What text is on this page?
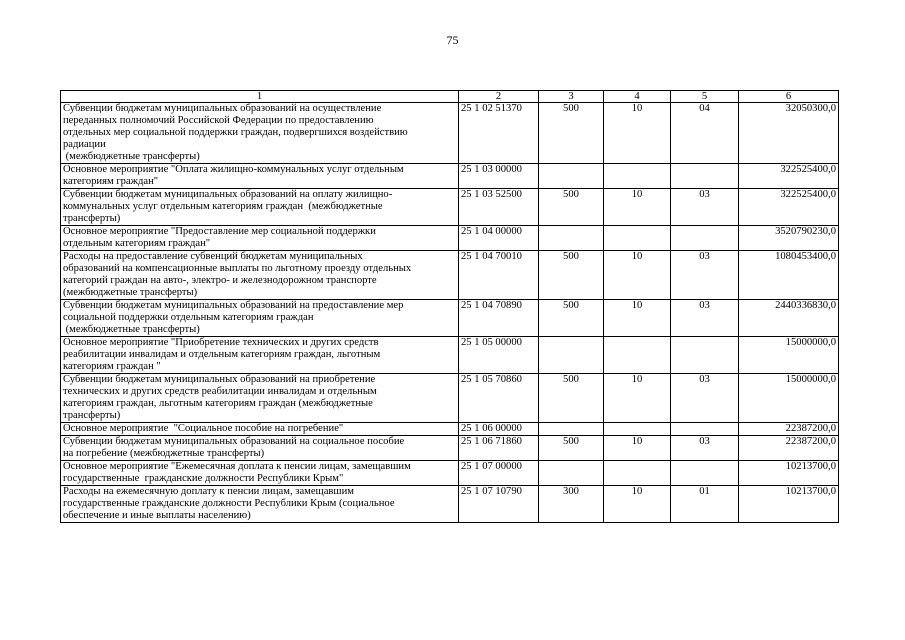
75
1	2	3	4	5	6

Субвенции бюджетам муниципальных образований на осуществление
переданных полномочий Российской Федерации по предоставлению
отдельных мер социальной поддержки граждан, подвергшихся воздействию
радиации
(межбюджетные трансферты)	25 1 02 51370	500	10	04	32050300,0

Основное мероприятие "Оплата жилищно-коммунальных услуг отдельным
категориям граждан"	25 1 03 00000				322525400,0

Субвенции бюджетам муниципальных образований на оплату жилищно-
коммунальных услуг отдельным категориям граждан  (межбюджетные
трансферты)	25 1 03 52500	500	10	03	322525400,0

Основное мероприятие "Предоставление мер социальной поддержки
отдельным категориям граждан"	25 1 04 00000				3520790230,0

Расходы на предоставление субвенций бюджетам муниципальных
образований на компенсационные выплаты по льготному проезду отдельных
категорий граждан на авто-, электро- и железнодорожном транспорте
(межбюджетные трансферты)	25 1 04 70010	500	10	03	1080453400,0

Субвенции бюджетам муниципальных образований на предоставление мер
социальной поддержки отдельным категориям граждан
(межбюджетные трансферты)	25 1 04 70890	500	10	03	2440336830,0

Основное мероприятие "Приобретение технических и других средств
реабилитации инвалидам и отдельным категориям граждан, льготным
категориям граждан "	25 1 05 00000				15000000,0

Субвенции бюджетам муниципальных образований на приобретение
технических и других средств реабилитации инвалидам и отдельным
категориям граждан, льготным категориям граждан (межбюджетные
трансферты)	25 1 05 70860	500	10	03	15000000,0

Основное мероприятие  "Социальное пособие на погребение"	25 1 06 00000				22387200,0

Субвенции бюджетам муниципальных образований на социальное пособие
на погребение (межбюджетные трансферты)	25 1 06 71860	500	10	03	22387200,0

Основное мероприятие "Ежемесячная доплата к пенсии лицам, замещавшим
государственные  гражданские должности Республики Крым"	25 1 07 00000				10213700,0

Расходы на ежемесячную доплату к пенсии лицам, замещавшим
государственные гражданские должности Республики Крым (социальное
обеспечение и иные выплаты населению)	25 1 07 10790	300	10	01	10213700,0
